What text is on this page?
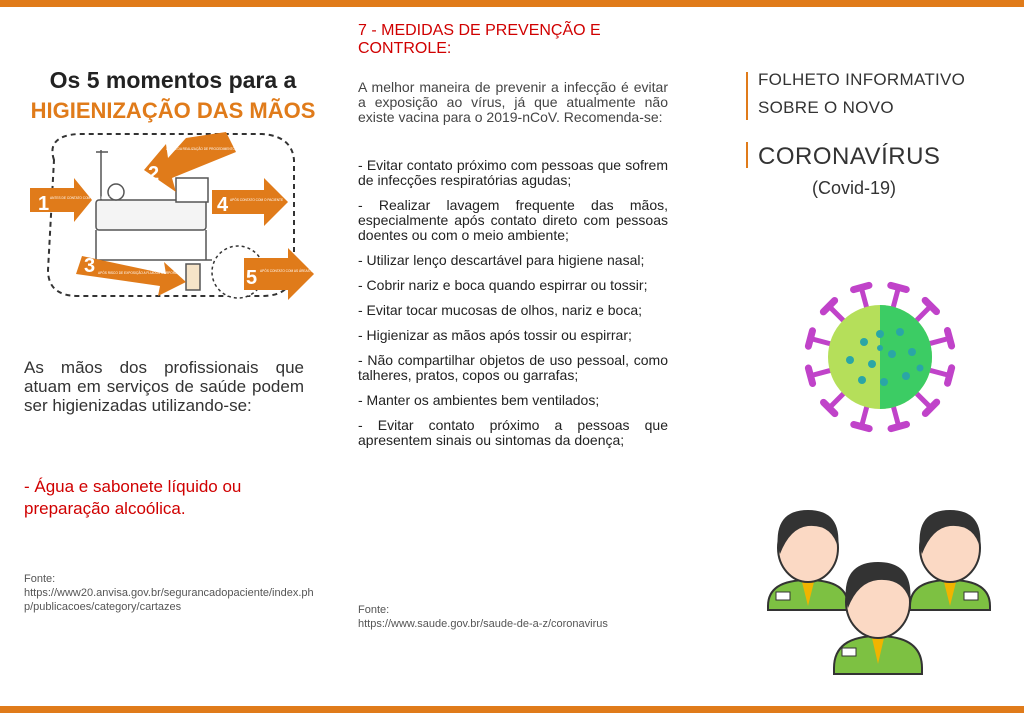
Os 5 momentos para a
HIGIENIZAÇÃO DAS MÃOS
1 ANTES DE CONTATO COM O PACIENTE
2
ANTES DA REALIZAÇÃO DE PROCEDIMENTO ASSÉPTICO
4 APÓS CONTATO COM O PACIENTE
3 APÓS RISCO DE EXPOSIÇÃO A FLUIDOS CORPORAIS	5 APÓS CONTATO COM AS ÁREAS PRÓXIMAS AO PACIENTE
As mãos dos profissionais que atuam em serviços de saúde podem ser higienizadas utilizando-se:
- Água e sabonete líquido ou preparação alcoólica.
Fonte:
https://www20.anvisa.gov.br/segurancadopaciente/index.php/publicacoes/category/cartazes
7 - MEDIDAS DE PREVENÇÃO E CONTROLE:
A melhor maneira de prevenir a infecção é evitar a exposição ao vírus, já que atualmente não existe vacina para o 2019-nCoV. Recomenda-se:
- Evitar contato próximo com pessoas que sofrem de infecções respiratórias agudas;
- Realizar lavagem frequente das mãos, especialmente após contato direto com pessoas doentes ou com o meio ambiente;
- Utilizar lenço descartável para higiene nasal;
- Cobrir nariz e boca quando espirrar ou tossir;
- Evitar tocar mucosas de olhos, nariz e boca;
- Higienizar as mãos após tossir ou espirrar;
- Não compartilhar objetos de uso pessoal, como talheres, pratos, copos ou garrafas;
- Manter os ambientes bem ventilados;
- Evitar contato próximo a pessoas que apresentem sinais ou sintomas da doença;
Fonte:
https://www.saude.gov.br/saude-de-a-z/coronavirus
FOLHETO INFORMATIVO
SOBRE O NOVO
CORONAVÍRUS
(Covid-19)
